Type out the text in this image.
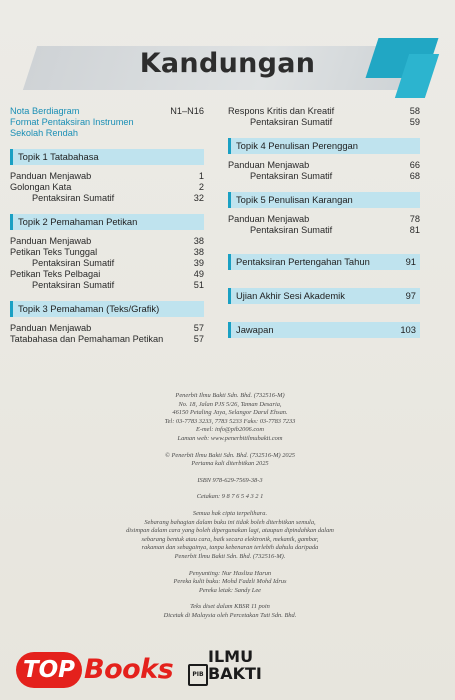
Kandungan
Nota Berdiagram	N1–N16
Format Pentaksiran Instrumen
Sekolah Rendah
Topik 1 Tatabahasa
Panduan Menjawab	1
Golongan Kata	2
Pentaksiran Sumatif	32
Topik 2 Pemahaman Petikan
Panduan Menjawab	38
Petikan Teks Tunggal	38
Pentaksiran Sumatif	39
Petikan Teks Pelbagai	49
Pentaksiran Sumatif	51
Topik 3 Pemahaman (Teks/Grafik)
Panduan Menjawab	57
Tatabahasa dan Pemahaman Petikan	57
Respons Kritis dan Kreatif	58
Pentaksiran Sumatif	59
Topik 4 Penulisan Perenggan
Panduan Menjawab	66
Pentaksiran Sumatif	68
Topik 5 Penulisan Karangan
Panduan Menjawab	78
Pentaksiran Sumatif	81
Pentaksiran Pertengahan Tahun	91
Ujian Akhir Sesi Akademik	97
Jawapan	103
Penerbit Ilmu Bakti Sdn. Bhd. (732516-M)
No. 18, Jalan PJS 5/26, Taman Desaria,
46150 Petaling Jaya, Selangor Darul Ehsan.
Tel: 03-7783 3233, 7783 5233 Faks: 03-7783 7233
E-mel: info@pib2006.com
Laman web: www.penerbitilmubakti.com
© Penerbit Ilmu Bakti Sdn. Bhd. (732516-M) 2025
Pertama kali diterbitkan 2025
ISBN 978-629-7569-38-3
Cetakan: 9 8 7 6 5 4 3 2 1
Semua hak cipta terpelihara.
Sebarang bahagian dalam buku ini tidak boleh diterbitkan semula,
disimpan dalam cara yang boleh dipergunakan lagi, ataupun dipindahkan dalam
sebarang bentuk atau cara, baik secara elektronik, mekanik, gambar,
rakaman dan sebagainya, tanpa kebenaran terlebih dahulu daripada
Penerbit Ilmu Bakti Sdn. Bhd. (732516-M).
Penyunting: Nur Hasliza Harun
Pereka kulit buku: Mohd Fadzli Mohd Idrus
Pereka letak: Sandy Lee
Teks diset dalam KBSR 11 poin
Dicetak di Malaysia oleh Percetakan Tuti Sdn. Bhd.
TOP Books	PIB
ILMU
BAKTI
